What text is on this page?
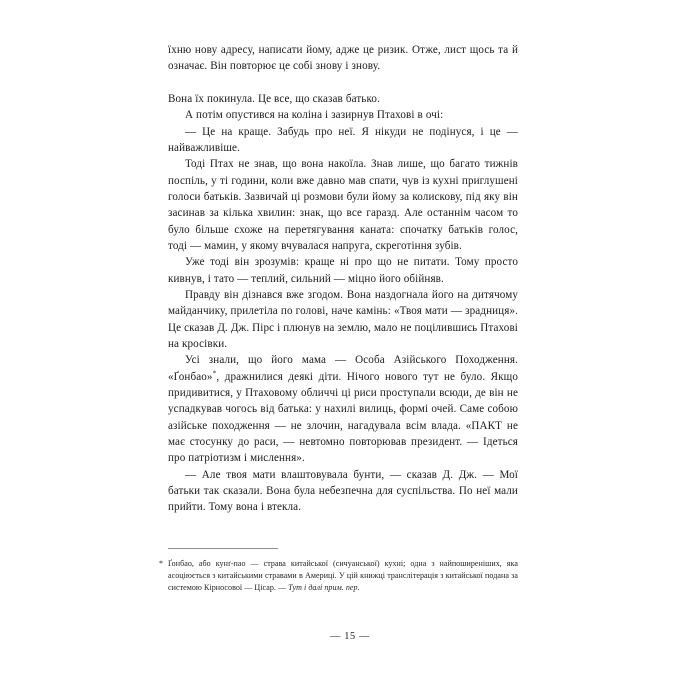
їхню нову адресу, написати йому, адже це ризик. Отже, лист щось та й означає. Він повторює це собі знову і знову.

Вона їх покинула. Це все, що сказав батько.

А потім опустився на коліна і зазирнув Птахові в очі:

— Це на краще. Забудь про неї. Я нікуди не подінуся, і це — найважливіше.

Тоді Птах не знав, що вона накоїла. Знав лише, що багато тижнів поспіль, у ті години, коли вже давно мав спати, чув із кухні приглушені голоси батьків. Зазвичай ці розмови були йому за колискову, під яку він засинав за кілька хвилин: знак, що все гаразд. Але останнім часом то було більше схоже на перетягування каната: спочатку батьків голос, тоді — мамин, у якому вчувалася напруга, скреготіння зубів.

Уже тоді він зрозумів: краще ні про що не питати. Тому просто кивнув, і тато — теплий, сильний — міцно його обійняв.

Правду він дізнався вже згодом. Вона наздогнала його на дитячому майданчику, прилетіла по голові, наче камінь: «Твоя мати — зрадниця». Це сказав Д. Дж. Пірс і плюнув на землю, мало не поцілившись Птахові на кросівки.

Усі знали, що його мама — Особа Азійського Походження. «Ґонбао»*, дражнилися деякі діти. Нічого нового тут не було. Якщо придивитися, у Птаховому обличчі ці риси проступали всюди, де він не успадкував чогось від батька: у нахилі вилиць, формі очей. Саме собою азійське походження — не злочин, нагадувала всім влада. «ПАКТ не має стосунку до раси, — невтомно повторював президент. — Ідеться про патріотизм і мислення».

— Але твоя мати влаштовувала бунти, — сказав Д. Дж. — Мої батьки так сказали. Вона була небезпечна для суспільства. По неї мали прийти. Тому вона і втекла.

* Ґонбао, або кунґ-пао — страва китайської (сичуанської) кухні; одна з найпоширеніших, яка асоціюється з китайськими стравами в Америці. У цій книжці транслітерація з китайської подана за системою Кірносової — Цісар. — Тут і далі прим. пер.
— 15 —
